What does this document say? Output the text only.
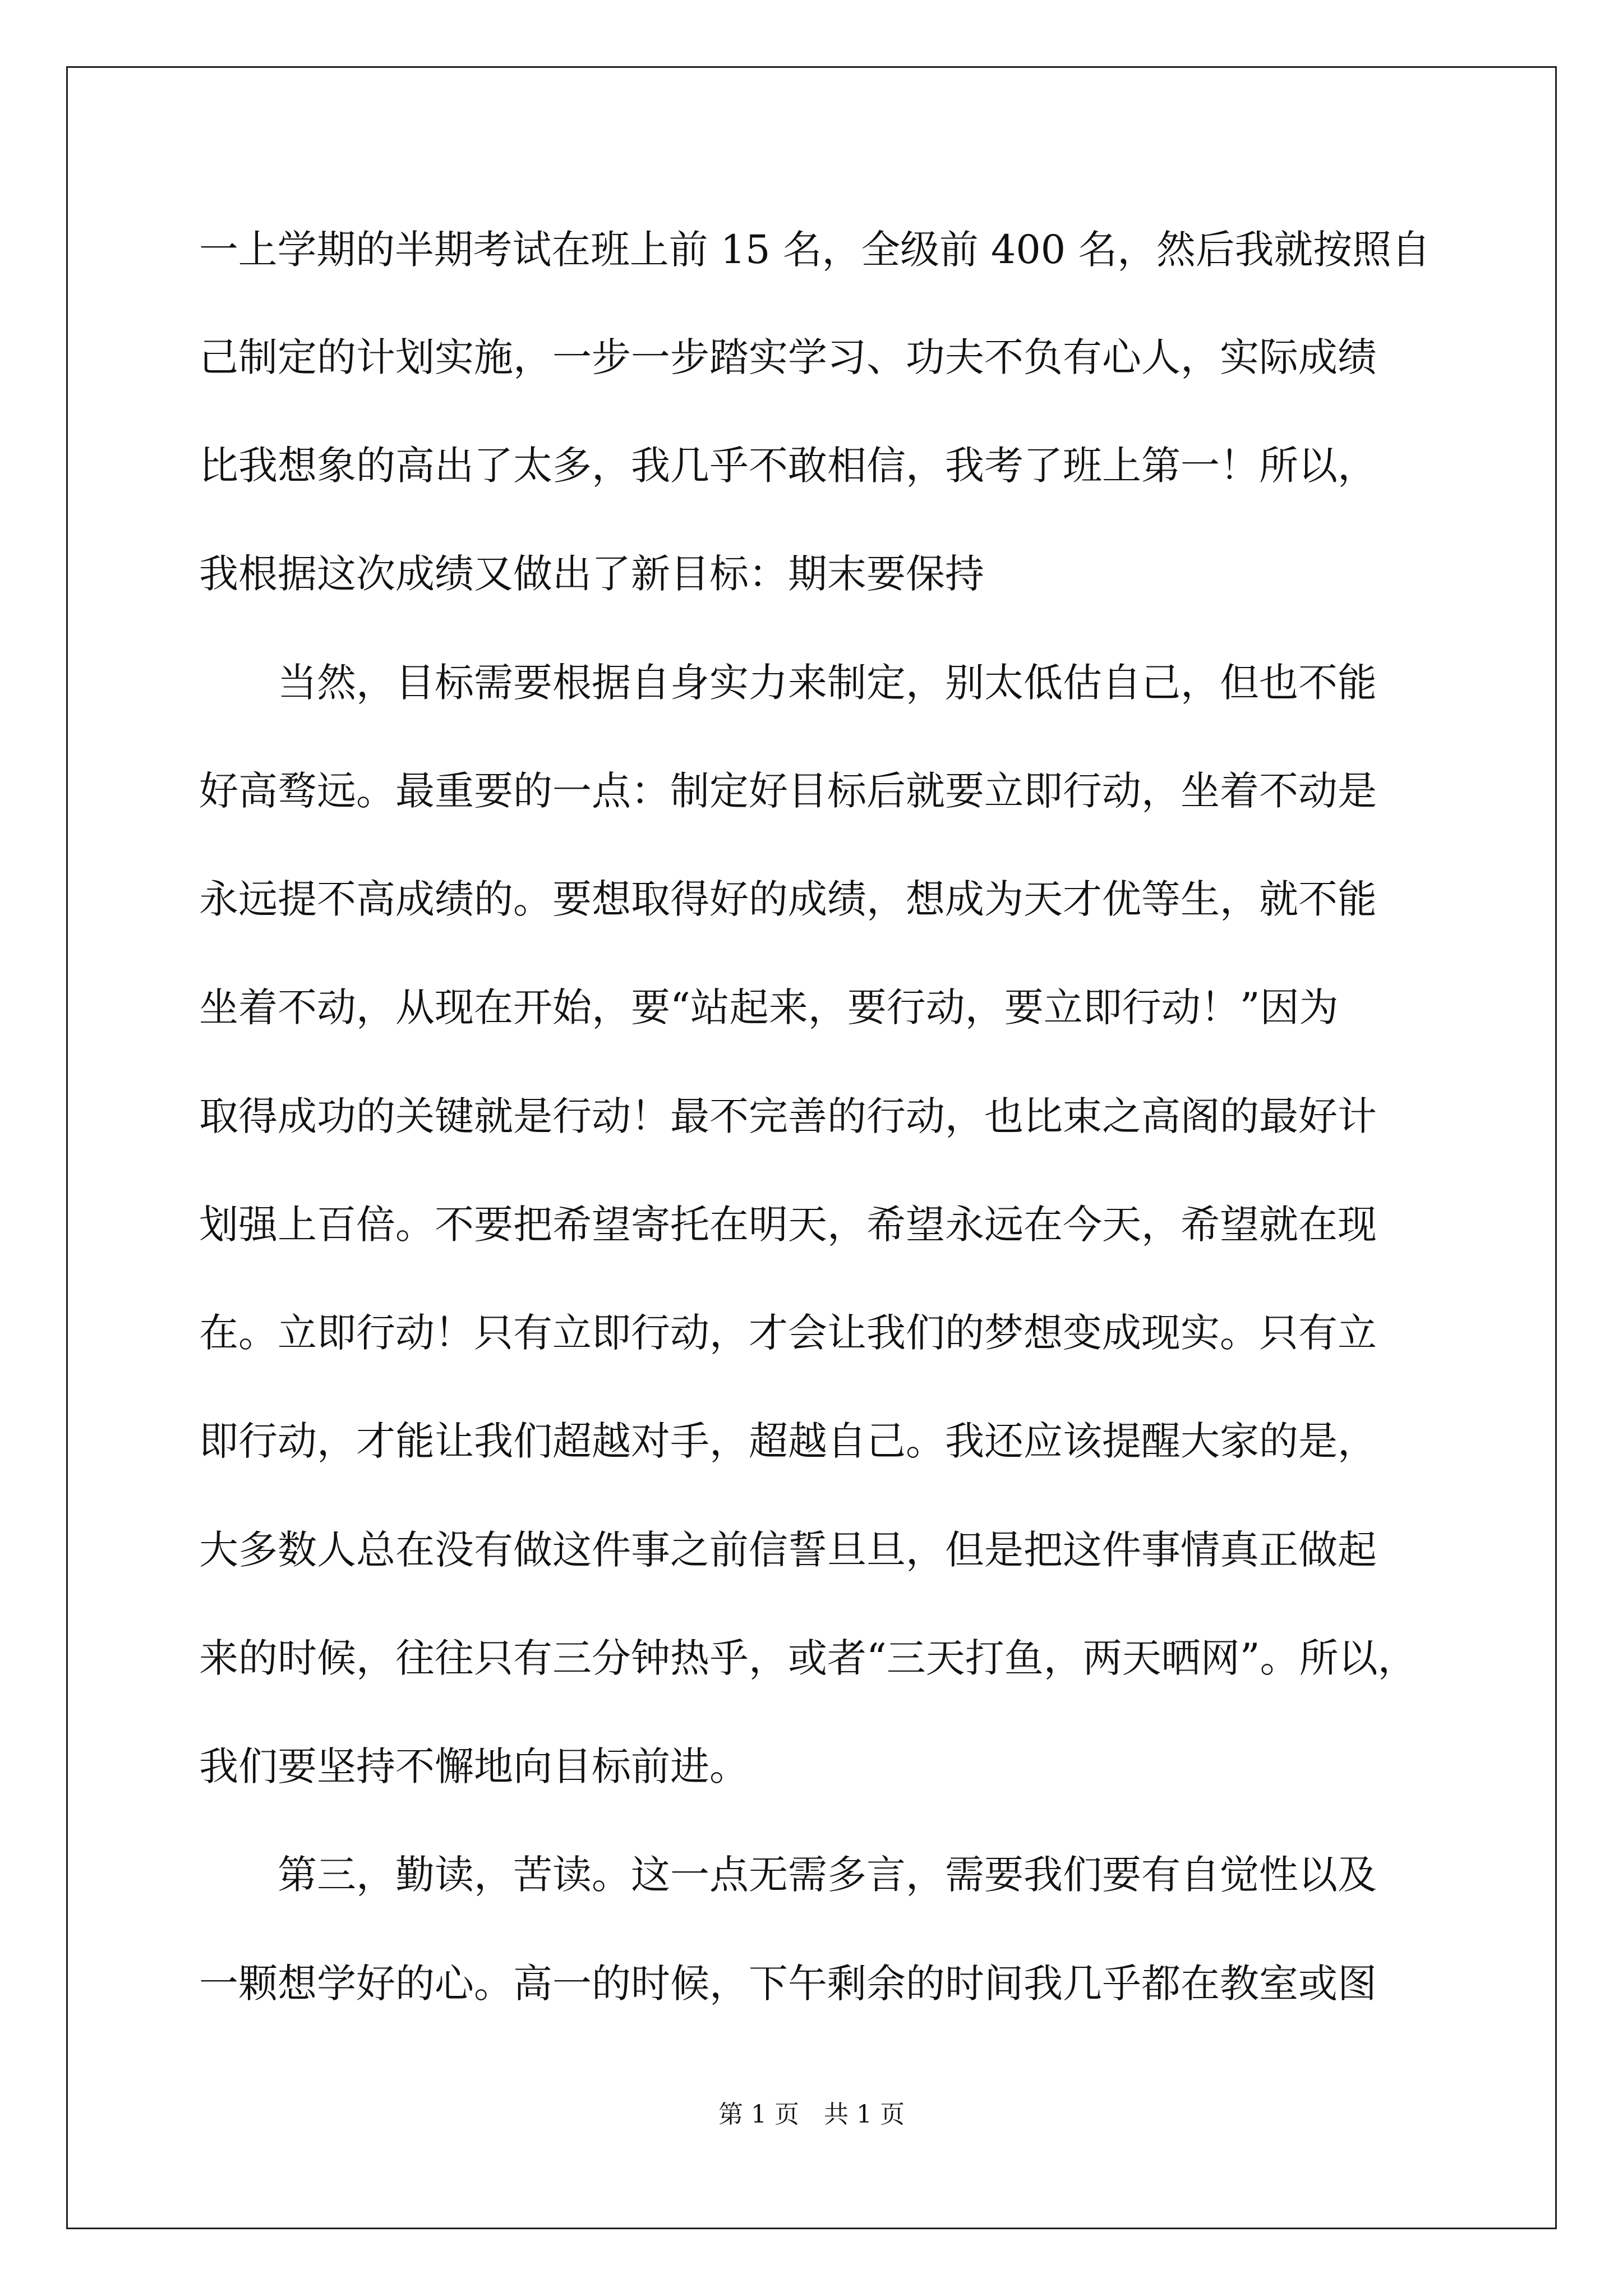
一上学期的半期考试在班上前 15 名，全级前 400 名，然后我就按照自
己制定的计划实施，一步一步踏实学习、功夫不负有心人，实际成绩
比我想象的高出了太多，我几乎不敢相信，我考了班上第一！所以，
我根据这次成绩又做出了新目标：期末要保持
当然，目标需要根据自身实力来制定，别太低估自己，但也不能
好高骛远。最重要的一点：制定好目标后就要立即行动，坐着不动是
永远提不高成绩的。要想取得好的成绩，想成为天才优等生，就不能
坐着不动，从现在开始，要“站起来，要行动，要立即行动！”因为
取得成功的关键就是行动！最不完善的行动，也比束之高阁的最好计
划强上百倍。不要把希望寄托在明天，希望永远在今天，希望就在现
在。立即行动！只有立即行动，才会让我们的梦想变成现实。只有立
即行动，才能让我们超越对手，超越自己。我还应该提醒大家的是，
大多数人总在没有做这件事之前信誓旦旦，但是把这件事情真正做起
来的时候，往往只有三分钟热乎，或者“三天打鱼，两天晒网”。所以，
我们要坚持不懈地向目标前进。
第三，勤读，苦读。这一点无需多言，需要我们要有自觉性以及
一颗想学好的心。高一的时候，下午剩余的时间我几乎都在教室或图
第 1 页　共 1 页
